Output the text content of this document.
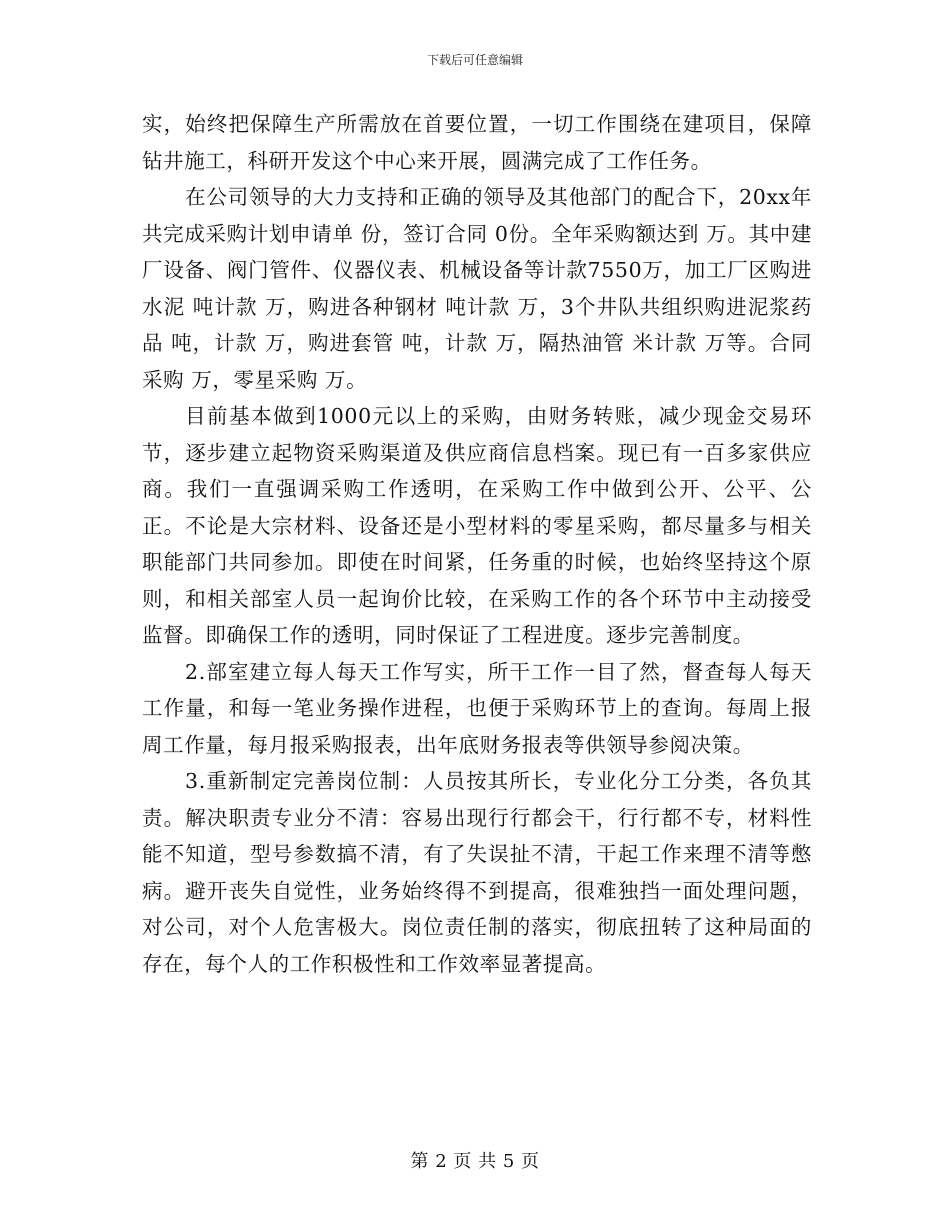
下载后可任意编辑

实，始终把保障生产所需放在首要位置，一切工作围绕在建项目，保障钻井施工，科研开发这个中心来开展，圆满完成了工作任务。

在公司领导的大力支持和正确的领导及其他部门的配合下，20xx年共完成采购计划申请单 份，签订合同 0份。全年采购额达到 万。其中建厂设备、阀门管件、仪器仪表、机械设备等计款7550万，加工厂区购进水泥 吨计款 万，购进各种钢材 吨计款 万，3个井队共组织购进泥浆药品 吨，计款 万，购进套管 吨，计款 万，隔热油管 米计款 万等。合同采购 万，零星采购 万。

目前基本做到1000元以上的采购，由财务转账，减少现金交易环节，逐步建立起物资采购渠道及供应商信息档案。现已有一百多家供应商。我们一直强调采购工作透明，在采购工作中做到公开、公平、公正。不论是大宗材料、设备还是小型材料的零星采购，都尽量多与相关职能部门共同参加。即使在时间紧，任务重的时候，也始终坚持这个原则，和相关部室人员一起询价比较，在采购工作的各个环节中主动接受监督。即确保工作的透明，同时保证了工程进度。逐步完善制度。

2.部室建立每人每天工作写实，所干工作一目了然，督查每人每天工作量，和每一笔业务操作进程，也便于采购环节上的查询。每周上报周工作量，每月报采购报表，出年底财务报表等供领导参阅决策。

3.重新制定完善岗位制：人员按其所长，专业化分工分类，各负其责。解决职责专业分不清：容易出现行行都会干，行行都不专，材料性能不知道，型号参数搞不清，有了失误扯不清，干起工作来理不清等憋病。避开丧失自觉性，业务始终得不到提高，很难独挡一面处理问题，对公司，对个人危害极大。岗位责任制的落实，彻底扭转了这种局面的存在，每个人的工作积极性和工作效率显著提高。

第 2 页 共 5 页
